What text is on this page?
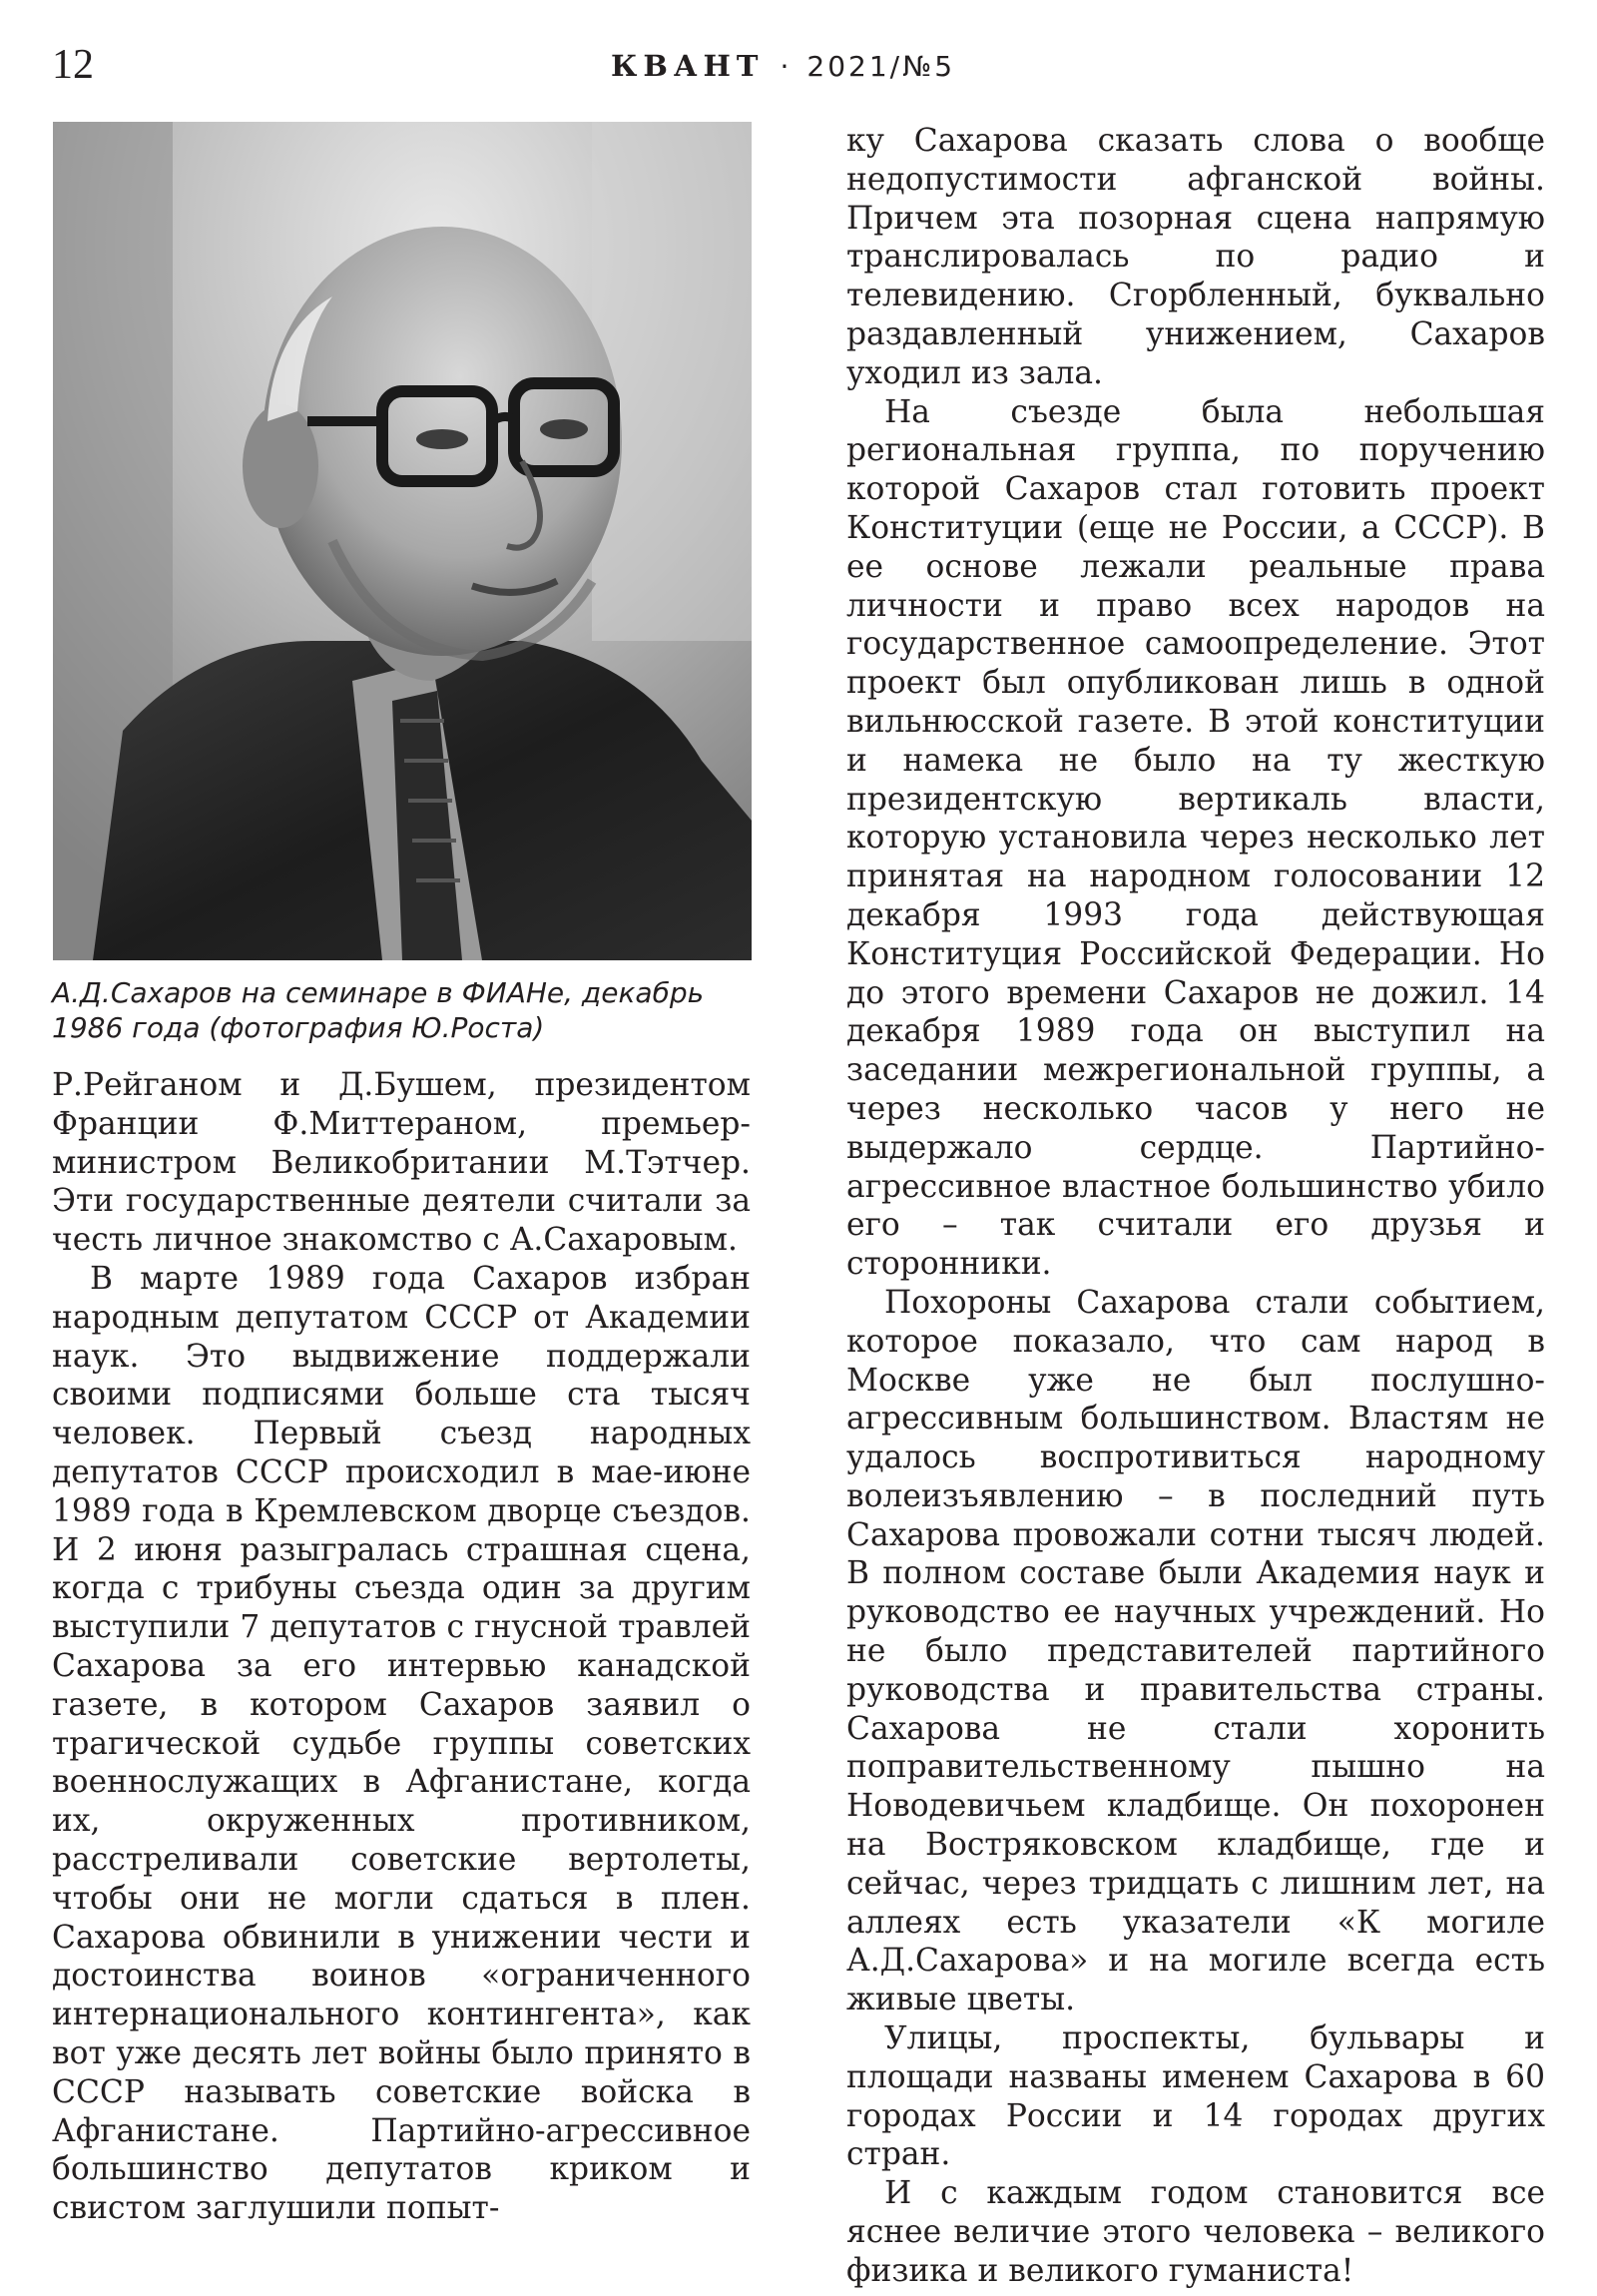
12	КВАНТ · 2021/№5
А.Д.Сахаров на семинаре в ФИАНе, декабрь 1986 года (фотография Ю.Роста)

Р.Рейганом и Д.Бушем, президентом Франции Ф.Миттераном, премьер-министром Великобритании М.Тэтчер. Эти государственные деятели считали за честь личное знакомство с А.Сахаровым.

В марте 1989 года Сахаров избран народным депутатом СССР от Академии наук. Это выдвижение поддержали своими подписями больше ста тысяч человек. Первый съезд народных депутатов СССР происходил в мае-июне 1989 года в Кремлевском дворце съездов. И 2 июня разыгралась страшная сцена, когда с трибуны съезда один за другим выступили 7 депутатов с гнусной травлей Сахарова за его интервью канадской газете, в котором Сахаров заявил о трагической судьбе группы советских военнослужащих в Афганистане, когда их, окруженных противником, расстреливали советские вертолеты, чтобы они не могли сдаться в плен. Сахарова обвинили в унижении чести и достоинства воинов «ограниченного интернационального контингента», как вот уже десять лет войны было принято в СССР называть советские войска в Афганистане. Партийно-агрессивное большинство депутатов криком и свистом заглушили попыт-

ку Сахарова сказать слова о вообще недопустимости афганской войны. Причем эта позорная сцена напрямую транслировалась по радио и телевидению. Сгорбленный, буквально раздавленный унижением, Сахаров уходил из зала.

На съезде была небольшая региональная группа, по поручению которой Сахаров стал готовить проект Конституции (еще не России, а СССР). В ее основе лежали реальные права личности и право всех народов на государственное самоопределение. Этот проект был опубликован лишь в одной вильнюсской газете. В этой конституции и намека не было на ту жесткую президентскую вертикаль власти, которую установила через несколько лет принятая на народном голосовании 12 декабря 1993 года действующая Конституция Российской Федерации. Но до этого времени Сахаров не дожил. 14 декабря 1989 года он выступил на заседании межрегиональной группы, а через несколько часов у него не выдержало сердце. Партийно-агрессивное властное большинство убило его – так считали его друзья и сторонники.

Похороны Сахарова стали событием, которое показало, что сам народ в Москве уже не был послушно-агрессивным большинством. Властям не удалось воспротивиться народному волеизъявлению – в последний путь Сахарова провожали сотни тысяч людей. В полном составе были Академия наук и руководство ее научных учреждений. Но не было представителей партийного руководства и правительства страны. Сахарова не стали хоронить поправительственному пышно на Новодевичьем кладбище. Он похоронен на Востряковском кладбище, где и сейчас, через тридцать с лишним лет, на аллеях есть указатели «К могиле А.Д.Сахарова» и на могиле всегда есть живые цветы.

Улицы, проспекты, бульвары и площади названы именем Сахарова в 60 городах России и 14 городах других стран.

И с каждым годом становится все яснее величие этого человека – великого физика и великого гуманиста!
